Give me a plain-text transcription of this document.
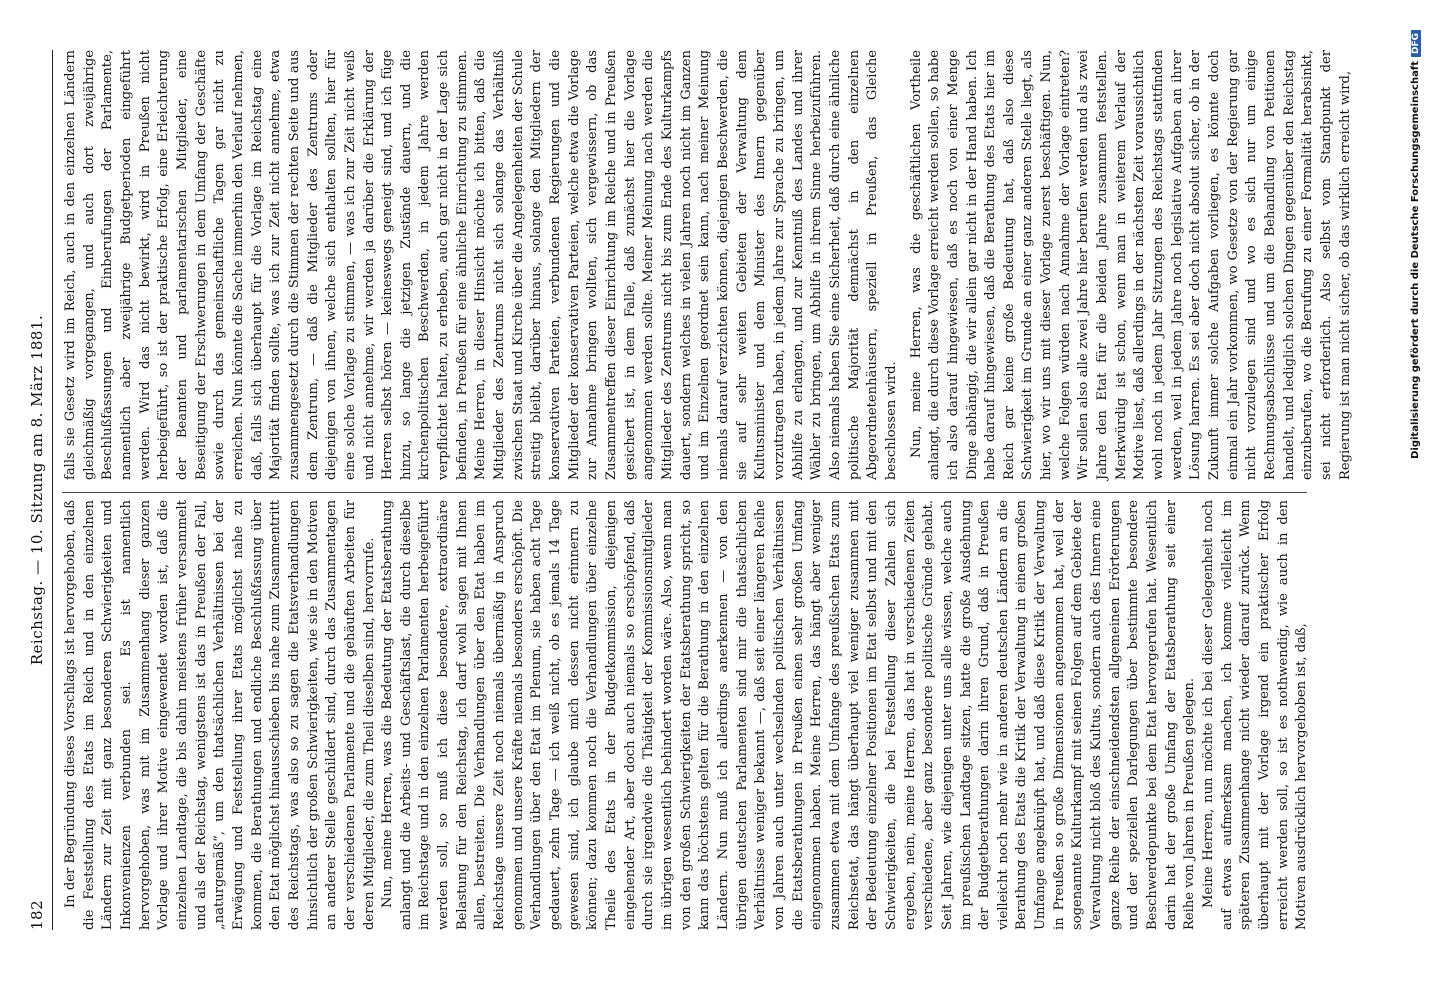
182
Reichstag. — 10. Sitzung am 8. März 1881.

In der Begründung dieses Vorschlags ist hervorgehoben, daß die Feststellung des Etats im Reich und in den einzelnen Ländern zur Zeit mit ganz besonderen Schwierigkeiten und Inkonvenienzen verbunden sei. Es ist namentlich hervorgehoben, was mit im Zusammenhang dieser ganzen Vorlage und ihrer Motive eingewendet worden ist, daß die einzelnen Landtage, die bis dahin meistens früher versammelt und als der Reichstag, wenigstens ist das in Preußen der Fall, „naturgemäß“, um den thatsächlichen Verhältnissen bei der Erwägung und Feststellung ihrer Etats möglichst nahe zu kommen, die Berathungen und endliche Beschlußfassung über den Etat möglichst hinausschieben bis nahe zum Zusammentritt des Reichstags, was also so zu sagen die Etatsverhandlungen hinsichtlich der großen Schwierigkeiten, wie sie in den Motiven an anderer Stelle geschildert sind, durch das Zusammentagen der verschiedenen Parlamente und die gehäuften Arbeiten für deren Mitglieder, die zum Theil dieselben sind, hervorrufe. Nun, meine Herren, was die Bedeutung der Etatsberathung anlangt und die Arbeits- und Geschäftslast, die durch dieselbe im Reichstage und in den einzelnen Parlamenten herbeigeführt werden soll, so muß ich diese besondere, extraordinäre Belastung für den Reichstag, ich darf wohl sagen mit Ihnen allen, bestreiten. Die Verhandlungen über den Etat haben im Reichstage unsere Zeit noch niemals übermäßig in Anspruch genommen und unsere Kräfte niemals besonders erschöpft. Die Verhandlungen über den Etat im Plenum, sie haben acht Tage gedauert, zehn Tage — ich weiß nicht, ob es jemals 14 Tage gewesen sind, ich glaube mich dessen nicht erinnern zu können; dazu kommen noch die Verhandlungen über einzelne Theile des Etats in der Budgetkommission, diejenigen eingehender Art, aber doch auch niemals so erschöpfend, daß durch sie irgendwie die Thätigkeit der Kommissionsmitglieder im übrigen wesentlich behindert worden wäre. Also, wenn man von den großen Schwierigkeiten der Etatsberathung spricht, so kann das höchstens gelten für die Berathung in den einzelnen Ländern. Nun muß ich allerdings anerkennen — von den übrigen deutschen Parlamenten sind mir die thatsächlichen Verhältnisse weniger bekannt —, daß seit einer längeren Reihe von Jahren auch unter wechselnden politischen Verhältnissen die Etatsberathungen in Preußen einen sehr großen Umfang eingenommen haben. Meine Herren, das hängt aber weniger zusammen etwa mit dem Umfange des preußischen Etats zum Reichsetat, das hängt überhaupt viel weniger zusammen mit der Bedeutung einzelner Positionen im Etat selbst und mit den Schwierigkeiten, die bei Feststellung dieser Zahlen sich ergeben, nein, meine Herren, das hat in verschiedenen Zeiten verschiedene, aber ganz besondere politische Gründe gehabt. Seit Jahren, wie diejenigen unter uns alle wissen, welche auch im preußischen Landtage sitzen, hatte die große Ausdehnung der Budgetberathungen darin ihren Grund, daß in Preußen vielleicht noch mehr wie in anderen deutschen Ländern an die Berathung des Etats die Kritik der Verwaltung in einem großen Umfange angeknüpft hat, und daß diese Kritik der Verwaltung in Preußen so große Dimensionen angenommen hat, weil der sogenannte Kulturkampf mit seinen Folgen auf dem Gebiete der Verwaltung nicht bloß des Kultus, sondern auch des Innern eine ganze Reihe der einschneidendsten allgemeinen Erörterungen und der speziellen Darlegungen über bestimmte besondere Beschwerdepunkte bei dem Etat hervorgerufen hat. Wesentlich darin hat der große Umfang der Etatsberathung seit einer Reihe von Jahren in Preußen gelegen. Meine Herren, nun möchte ich bei dieser Gelegenheit noch auf etwas aufmerksam machen, ich komme vielleicht im späteren Zusammenhange nicht wieder darauf zurück. Wenn überhaupt mit der Vorlage irgend ein praktischer Erfolg erreicht werden soll, so ist es nothwendig, wie auch in den Motiven ausdrücklich hervorgehoben ist, daß,

falls sie Gesetz wird im Reich, auch in den einzelnen Ländern gleichmäßig vorgegangen, und auch dort zweijährige Beschlußfassungen und Einberufungen der Parlamente, namentlich aber zweijährige Budgetperioden eingeführt werden. Wird das nicht bewirkt, wird in Preußen nicht herbeigeführt, so ist der praktische Erfolg, eine Erleichterung der Beamten und parlamentarischen Mitglieder, eine Beseitigung der Erschwerungen in dem Umfang der Geschäfte sowie durch das gemeinschaftliche Tagen gar nicht zu erreichen. Nun könnte die Sache immerhin den Verlauf nehmen, daß, falls sich überhaupt für die Vorlage im Reichstag eine Majorität finden sollte, was ich zur Zeit nicht annehme, etwa zusammengesetzt durch die Stimmen der rechten Seite und aus dem Zentrum, — daß die Mitglieder des Zentrums oder diejenigen von ihnen, welche sich enthalten sollten, hier für eine solche Vorlage zu stimmen, — was ich zur Zeit nicht weiß und nicht annehme, wir werden ja darüber die Erklärung der Herren selbst hören — keineswegs geneigt sind, und ich füge hinzu, so lange die jetzigen Zustände dauern, und die kirchenpolitischen Beschwerden, in jedem Jahre werden verpflichtet halten, zu erheben, auch gar nicht in der Lage sich befinden, in Preußen für eine ähnliche Einrichtung zu stimmen. Meine Herren, in dieser Hinsicht möchte ich bitten, daß die Mitglieder des Zentrums nicht sich solange das Verhältniß zwischen Staat und Kirche über die Angelegenheiten der Schule streitig bleibt, darüber hinaus, solange den Mitgliedern der konservativen Parteien, verbundenen Regierungen und die Mitglieder der konservativen Parteien, welche etwa die Vorlage zur Annahme bringen wollten, sich vergewissern, ob das Zusammentreffen dieser Einrichtung im Reiche und in Preußen gesichert ist, in dem Falle, daß zunächst hier die Vorlage angenommen werden sollte. Meiner Meinung nach werden die Mitglieder des Zentrums nicht bis zum Ende des Kulturkampfs dauert, sondern welches in vielen Jahren noch nicht im Ganzen und im Einzelnen geordnet sein kann, nach meiner Meinung niemals darauf verzichten können, diejenigen Beschwerden, die sie auf sehr weiten Gebieten der Verwaltung dem Kultusminister und dem Minister des Innern gegenüber vorzutragen haben, in jedem Jahre zur Sprache zu bringen, um Abhilfe zu erlangen, und zur Kenntniß des Landes und ihrer Wähler zu bringen, um Abhilfe in ihrem Sinne herbeizuführen. Also niemals haben Sie eine Sicherheit, daß durch eine ähnliche politische Majorität demnächst in den einzelnen Abgeordnetenhäusern, speziell in Preußen, das Gleiche beschlossen wird. Nun, meine Herren, was die geschäftlichen Vortheile anlangt, die durch diese Vorlage erreicht werden sollen, so habe ich also darauf hingewiesen, daß es noch von einer Menge Dinge abhängig, die wir allein gar nicht in der Hand haben. Ich habe darauf hingewiesen, daß die Berathung des Etats hier im Reich gar keine große Bedeutung hat, daß also diese Schwierigkeit im Grunde an einer ganz anderen Stelle liegt, als hier, wo wir uns mit dieser Vorlage zuerst beschäftigen. Nun, welche Folgen würden nach Annahme der Vorlage eintreten? Wir sollen also alle zwei Jahre hier berufen werden und als zwei Jahre den Etat für die beiden Jahre zusammen feststellen. Merkwürdig ist schon, wenn man in weiterem Verlauf der Motive liest, daß allerdings in der nächsten Zeit voraussichtlich wohl noch in jedem Jahr Sitzungen des Reichstags stattfinden werden, weil in jedem Jahre noch legislative Aufgaben an ihrer Lösung harren. Es sei aber doch nicht absolut sicher, ob in der Zukunft immer solche Aufgaben vorliegen, es könnte doch einmal ein Jahr vorkommen, wo Gesetze von der Regierung gar nicht vorzulegen sind und wo es sich nur um einige Rechnungsabschlüsse und um die Behandlung von Petitionen handelt, und lediglich solchen Dingen gegenüber den Reichstag einzuberufen, wo die Berufung zu einer Formalität herabsinkt, sei nicht erforderlich. Also selbst vom Standpunkt der Regierung ist man nicht sicher, ob das wirklich erreicht wird,	Digitalisierung gefördert durch die Deutsche ForschungsgemeinschaftDFG
